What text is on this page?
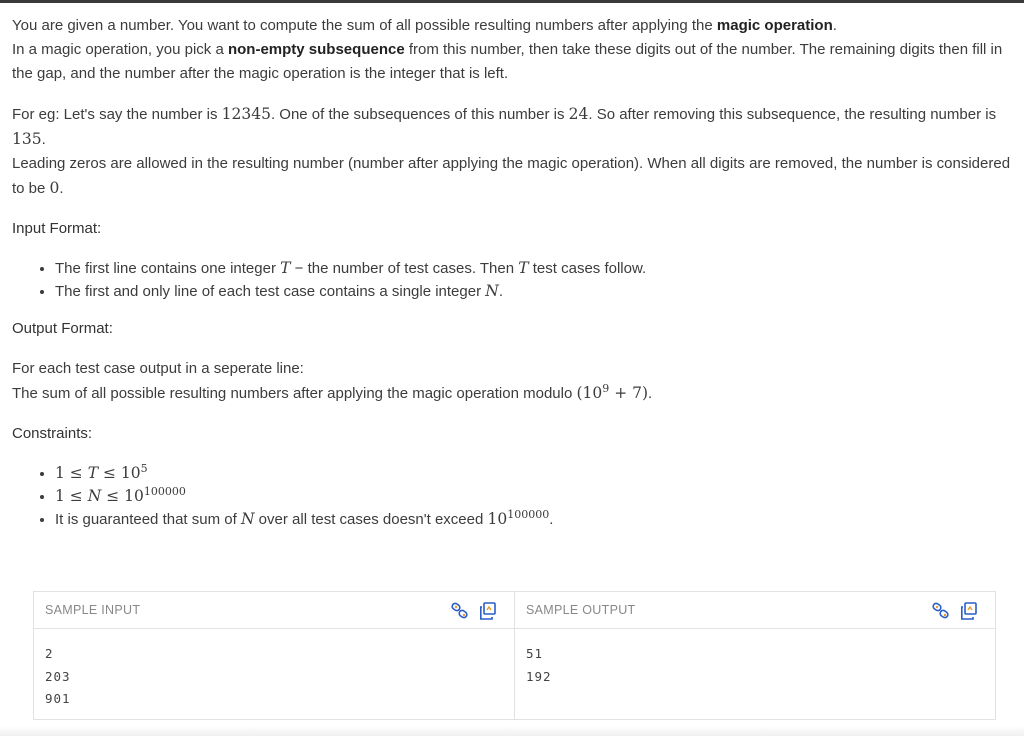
You are given a number. You want to compute the sum of all possible resulting numbers after applying the magic operation.

In a magic operation, you pick a non-empty subsequence from this number, then take these digits out of the number. The remaining digits then fill in the gap, and the number after the magic operation is the integer that is left.

For eg: Let's say the number is 12345. One of the subsequences of this number is 24. So after removing this subsequence, the resulting number is 135.

Leading zeros are allowed in the resulting number (number after applying the magic operation). When all digits are removed, the number is considered to be 0.

Input Format:

• The first line contains one integer T − the number of test cases. Then T test cases follow.
• The first and only line of each test case contains a single integer N.

Output Format:

For each test case output in a seperate line:

The sum of all possible resulting numbers after applying the magic operation modulo $(10^9 + 7)$.

Constraints:

• $1 \le T \le 10^5$
• $1 \le N \le 10^{100000}$
• It is guaranteed that sum of N over all test cases doesn't exceed $10^{100000}$.
SAMPLE INPUT
2
203
901
SAMPLE OUTPUT
51
192
